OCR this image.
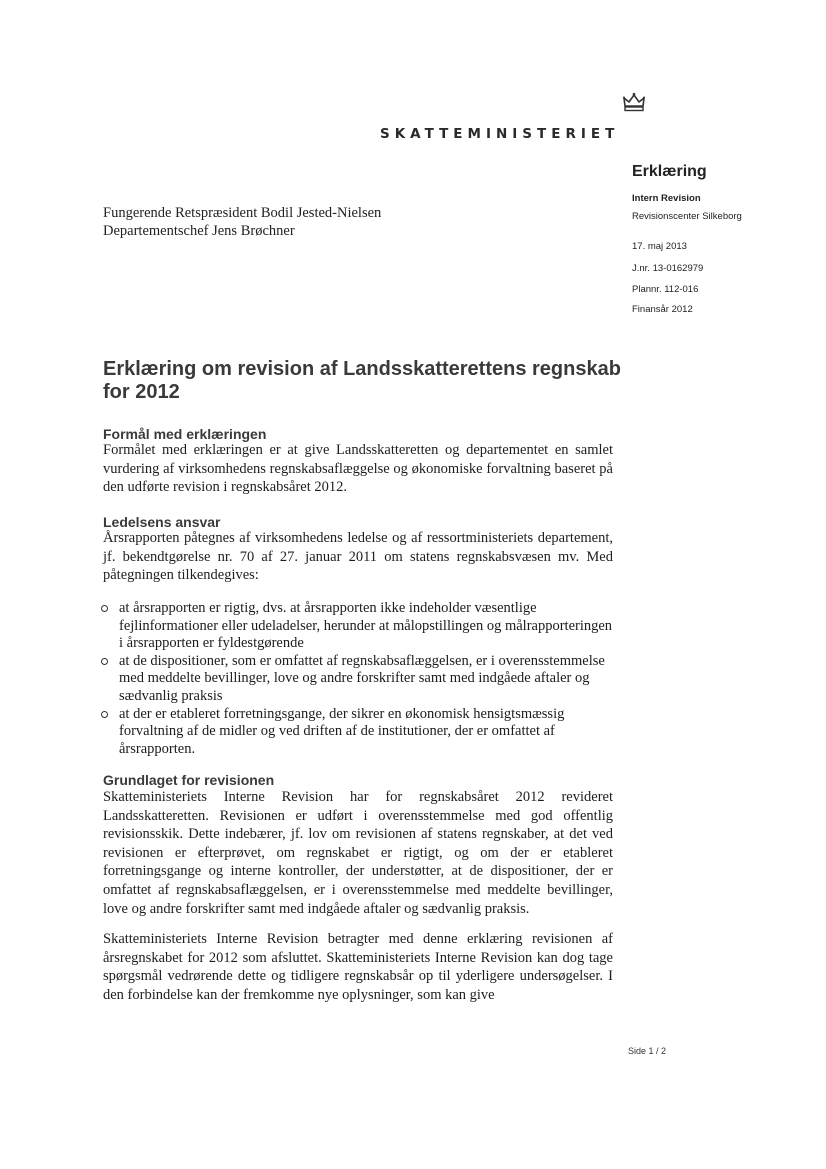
SKATTEMINISTERIET
Erklæring
Intern Revision
Revisionscenter Silkeborg
17. maj 2013
J.nr. 13-0162979
Plannr. 112-016
Finansår 2012
Fungerende Retspræsident Bodil Jested-Nielsen
Departementschef Jens Brøchner
Erklæring om revision af Landsskatterettens regnskab for 2012
Formål med erklæringen
Formålet med erklæringen er at give Landsskatteretten og departementet en samlet vurdering af virksomhedens regnskabsaflæggelse og økonomiske forvaltning baseret på den udførte revision i regnskabsåret 2012.
Ledelsens ansvar
Årsrapporten påtegnes af virksomhedens ledelse og af ressortministeriets departement, jf. bekendtgørelse nr. 70 af 27. januar 2011 om statens regnskabsvæsen mv. Med påtegningen tilkendegives:
at årsrapporten er rigtig, dvs. at årsrapporten ikke indeholder væsentlige fejlinformationer eller udeladelser, herunder at målopstillingen og målrapporteringen i årsrapporten er fyldestgørende
at de dispositioner, som er omfattet af regnskabsaflæggelsen, er i overensstemmelse med meddelte bevillinger, love og andre forskrifter samt med indgåede aftaler og sædvanlig praksis
at der er etableret forretningsgange, der sikrer en økonomisk hensigtsmæssig forvaltning af de midler og ved driften af de institutioner, der er omfattet af årsrapporten.
Grundlaget for revisionen
Skatteministeriets Interne Revision har for regnskabsåret 2012 revideret Landsskatteretten. Revisionen er udført i overensstemmelse med god offentlig revisionsskik. Dette indebærer, jf. lov om revisionen af statens regnskaber, at det ved revisionen er efterprøvet, om regnskabet er rigtigt, og om der er etableret forretningsgange og interne kontroller, der understøtter, at de dispositioner, der er omfattet af regnskabsaflæggelsen, er i overensstemmelse med meddelte bevillinger, love og andre forskrifter samt med indgåede aftaler og sædvanlig praksis.
Skatteministeriets Interne Revision betragter med denne erklæring revisionen af årsregnskabet for 2012 som afsluttet. Skatteministeriets Interne Revision kan dog tage spørgsmål vedrørende dette og tidligere regnskabsår op til yderligere undersøgelser. I den forbindelse kan der fremkomme nye oplysninger, som kan give
Side 1 / 2
